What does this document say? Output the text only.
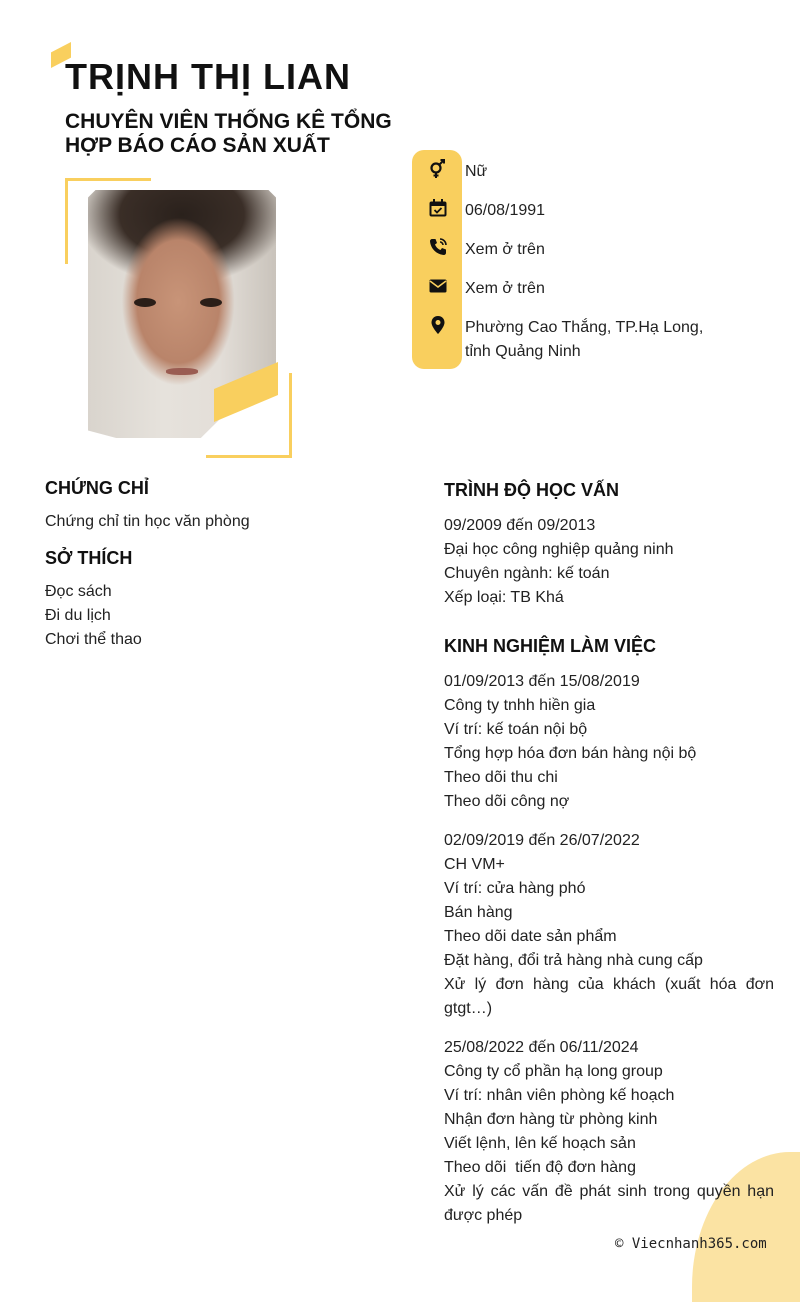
TRỊNH THỊ LIAN
CHUYÊN VIÊN THỐNG KÊ TỔNG HỢP BÁO CÁO SẢN XUẤT
Nữ
06/08/1991
Xem ở trên
Xem ở trên
Phường Cao Thắng, TP.Hạ Long,
tỉnh Quảng Ninh
CHỨNG CHỈ
Chứng chỉ tin học văn phòng
SỞ THÍCH
Đọc sách
Đi du lịch
Chơi thể thao
TRÌNH ĐỘ HỌC VẤN
09/2009 đến 09/2013
Đại học công nghiệp quảng ninh
Chuyên ngành: kế toán
Xếp loại: TB Khá
KINH NGHIỆM LÀM VIỆC
01/09/2013 đến 15/08/2019
Công ty tnhh hiền gia
Ví trí: kế toán nội bộ
Tổng hợp hóa đơn bán hàng nội bộ
Theo dõi thu chi
Theo dõi công nợ
02/09/2019 đến 26/07/2022
CH VM+
Ví trí: cửa hàng phó
Bán hàng
Theo dõi date sản phẩm
Đặt hàng, đổi trả hàng nhà cung cấp
Xử lý đơn hàng của khách (xuất hóa đơn gtgt…)
25/08/2022 đến 06/11/2024
Công ty cổ phần hạ long group
Ví trí: nhân viên phòng kế hoạch
Nhận đơn hàng từ phòng kinh
Viết lệnh, lên kế hoạch sản
Theo dõi  tiến độ đơn hàng
Xử lý các vấn đề phát sinh trong quyền hạn được phép
© Viecnhanh365.com
